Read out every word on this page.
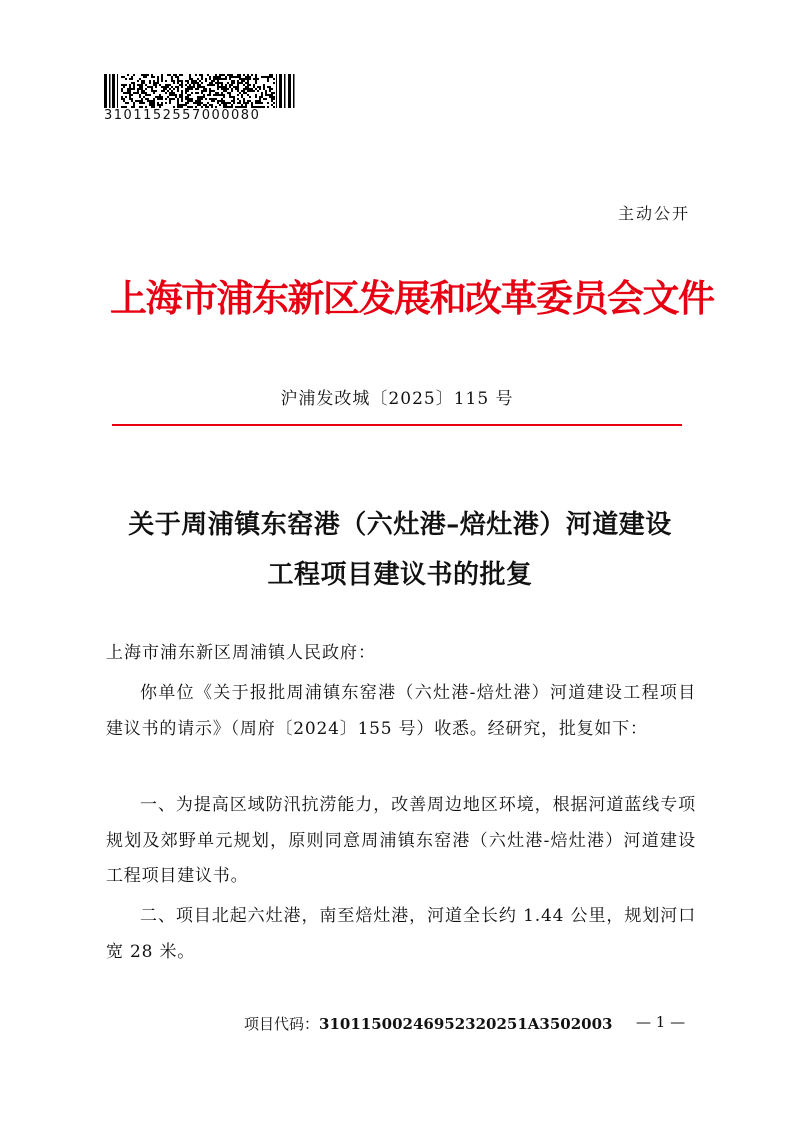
3101152557000080
主动公开
上海市浦东新区发展和改革委员会文件
沪浦发改城〔2025〕115 号
关于周浦镇东窑港（六灶港–焙灶港）河道建设
工程项目建议书的批复
上海市浦东新区周浦镇人民政府：
你单位《关于报批周浦镇东窑港（六灶港-焙灶港）河道建设工程项目建议书的请示》（周府〔2024〕155 号）收悉。经研究，批复如下：
一、为提高区域防汛抗涝能力，改善周边地区环境，根据河道蓝线专项规划及郊野单元规划，原则同意周浦镇东窑港（六灶港-焙灶港）河道建设工程项目建议书。
二、项目北起六灶港，南至焙灶港，河道全长约 1.44 公里，规划河口宽 28 米。
项目代码：31011500246952320251A3502003 — 1 —
